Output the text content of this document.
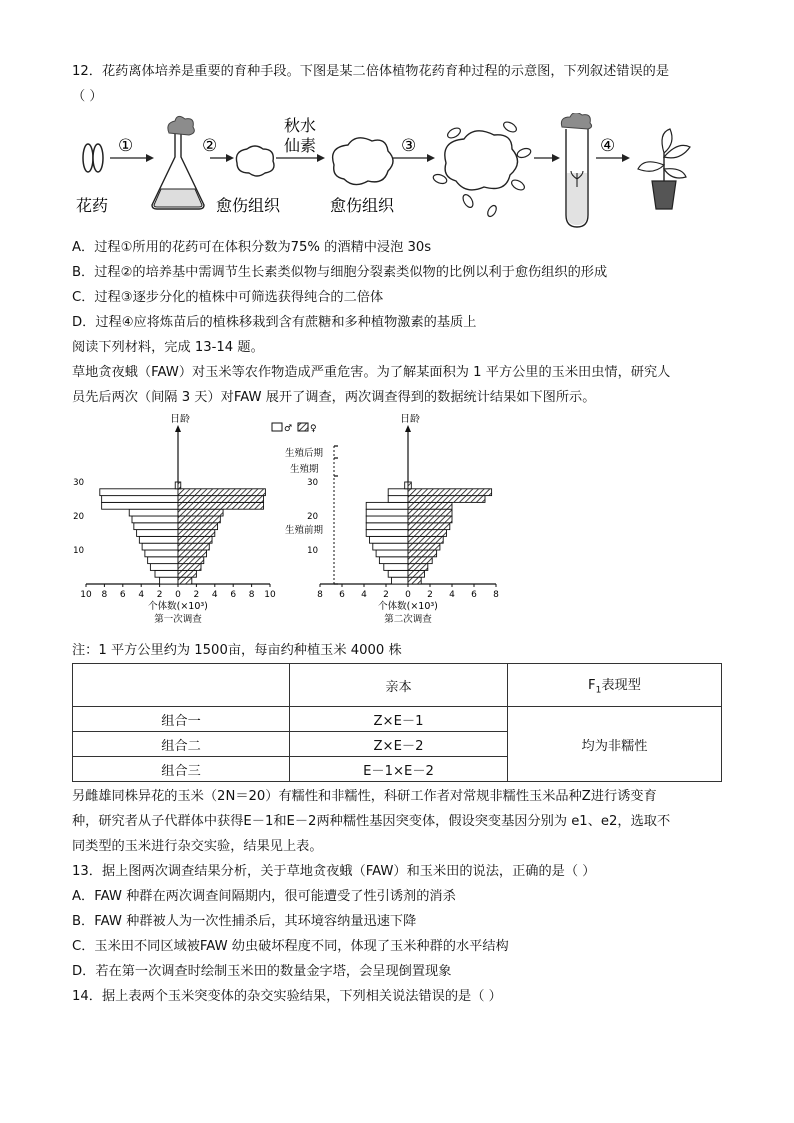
12．花药离体培养是重要的育种手段。下图是某二倍体植物花药育种过程的示意图，下列叙述错误的是
（ ）
①	②	③	④
秋水
仙素
花药	愈伤组织	愈伤组织
A．过程①所用的花药可在体积分数为75% 的酒精中浸泡 30s
B．过程②的培养基中需调节生长素类似物与细胞分裂素类似物的比例以利于愈伤组织的形成
C．过程③逐步分化的植株中可筛选获得纯合的二倍体
D．过程④应将炼苗后的植株移栽到含有蔗糖和多种植物激素的基质上
阅读下列材料，完成 13-14 题。
草地贪夜蛾（FAW）对玉米等农作物造成严重危害。为了解某面积为 1 平方公里的玉米田虫情，研究人
员先后两次（间隔 3 天）对FAW 展开了调查，两次调查得到的数据统计结果如下图所示。
日龄
10 8 6 4 2 0 2 4 6 8 10
30
20
10
个体数(×10³)
第一次调查
日龄
8 6 4 2 0 2 4 6 8
30
20
10
个体数(×10³)
第二次调查
♂ ♀
生殖后期
生殖期
生殖前期
注：1 平方公里约为 1500亩，每亩约种植玉米 4000 株
	亲本	$F_1$表现型
组合一	Z×E－1	均为非糯性
组合二	Z×E－2	
组合三	E－1×E－2	
另雌雄同株异花的玉米（2N＝20）有糯性和非糯性，科研工作者对常规非糯性玉米品种Z进行诱变育
种，研究者从子代群体中获得E－1和E－2两种糯性基因突变体，假设突变基因分别为 e1、e2，选取不
同类型的玉米进行杂交实验，结果见上表。
13．据上图两次调查结果分析，关于草地贪夜蛾（FAW）和玉米田的说法，正确的是（ ）
A．FAW 种群在两次调查间隔期内，很可能遭受了性引诱剂的消杀
B．FAW 种群被人为一次性捕杀后，其环境容纳量迅速下降
C．玉米田不同区域被FAW 幼虫破坏程度不同，体现了玉米种群的水平结构
D．若在第一次调查时绘制玉米田的数量金字塔，会呈现倒置现象
14．据上表两个玉米突变体的杂交实验结果，下列相关说法错误的是（ ）
